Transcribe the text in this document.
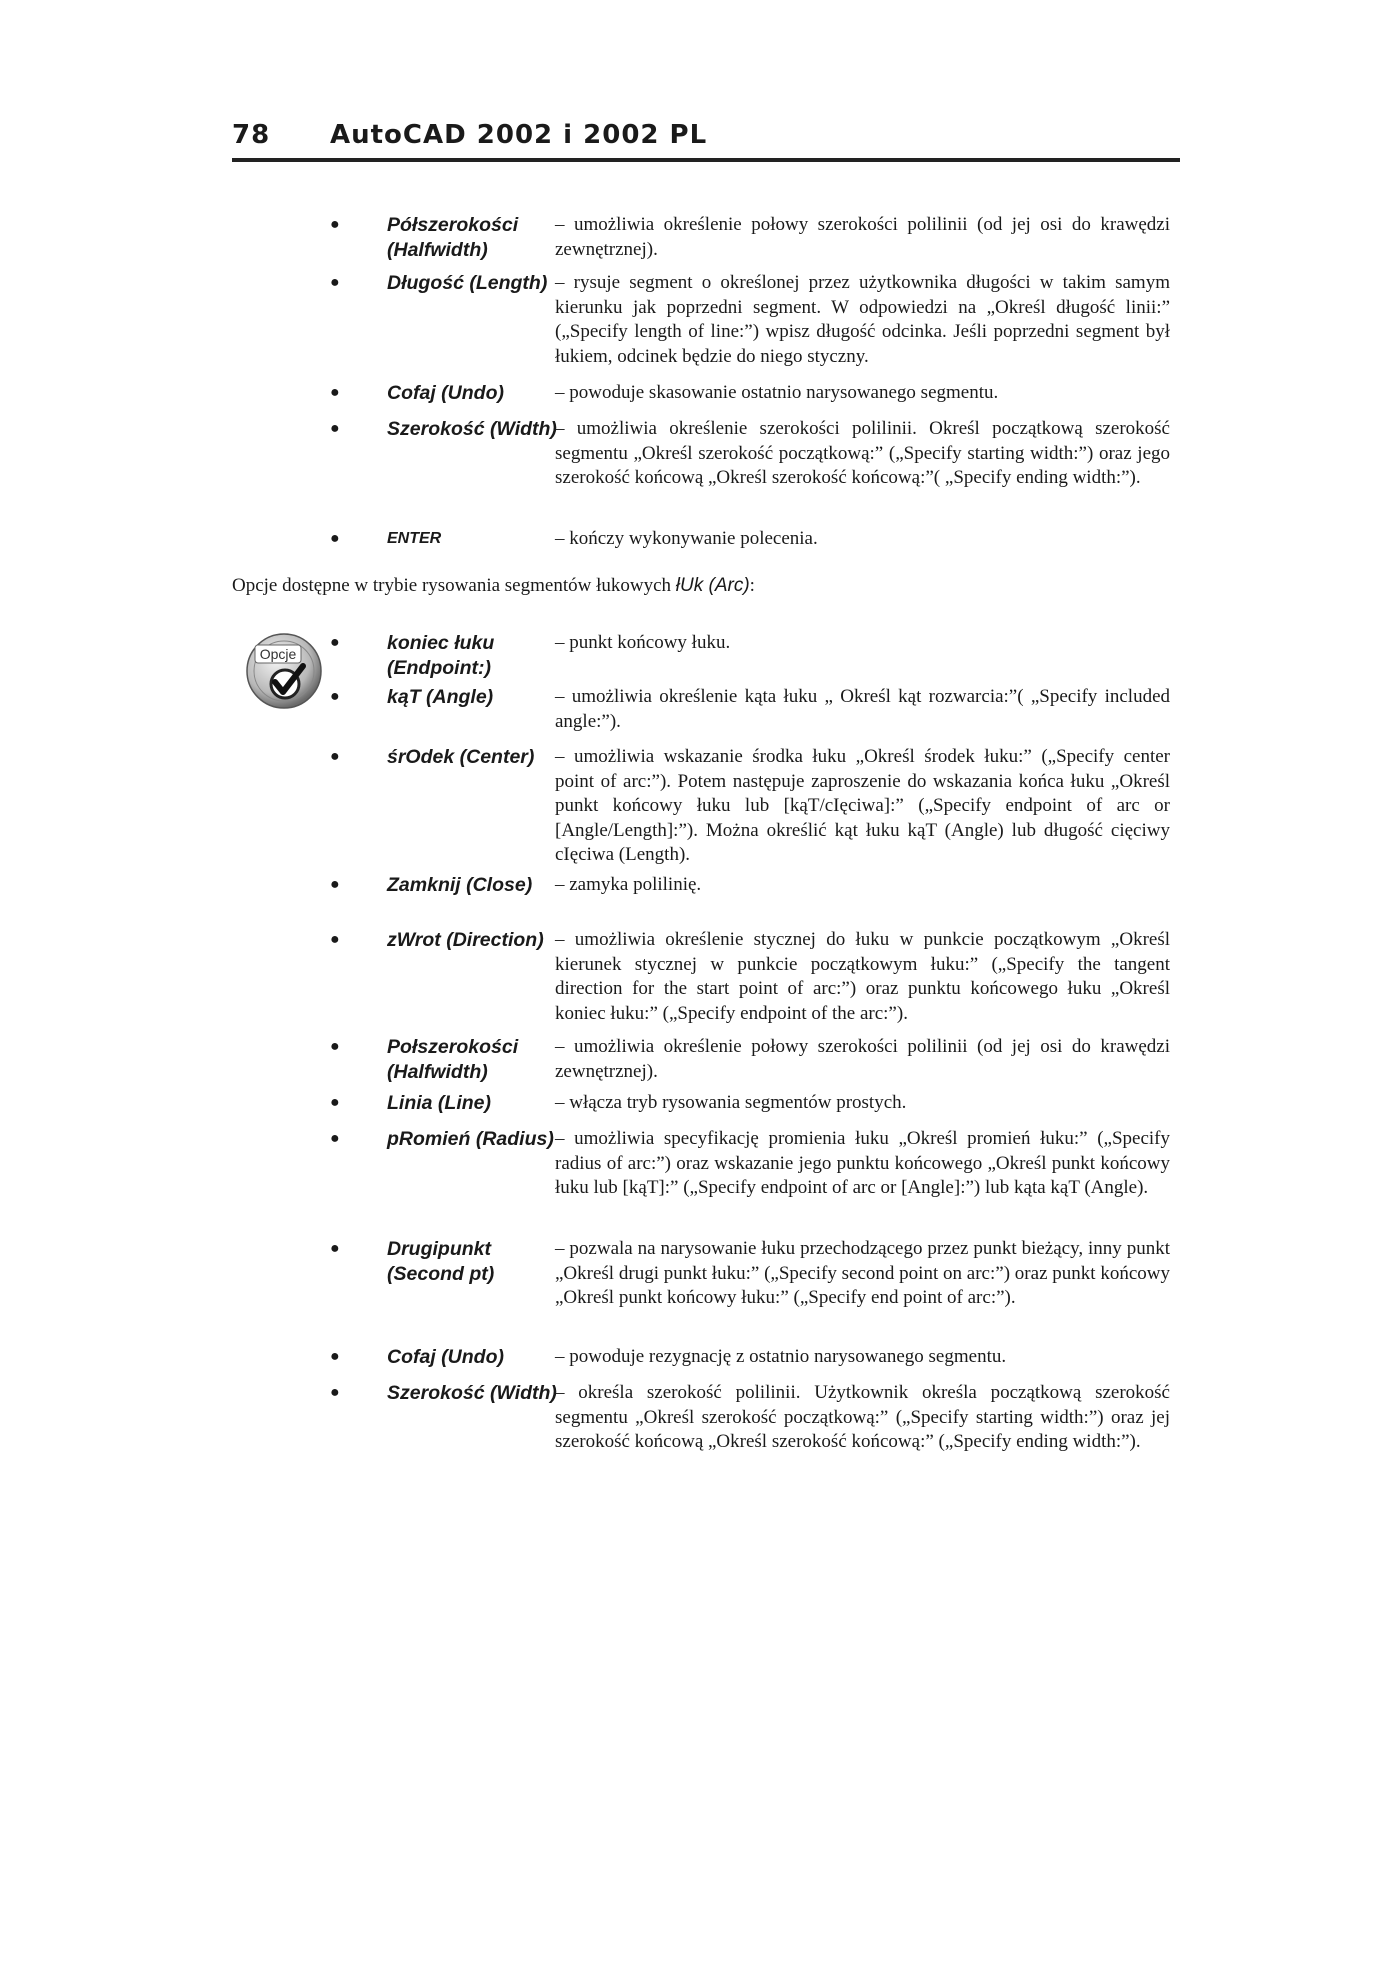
78 AutoCAD 2002 i 2002 PL
● Półszerokości (Halfwidth)
– umożliwia określenie połowy szerokości polilinii (od jej osi do krawędzi zewnętrznej).
● Długość (Length) – rysuje segment o określonej przez użytkownika długości w takim samym kierunku jak poprzedni segment. W odpowiedzi na „Określ długość linii:” („Specify length of line:”) wpisz długość odcinka. Jeśli poprzedni segment był łukiem, odcinek będzie do niego styczny.
● Cofaj (Undo)	– powoduje skasowanie ostatnio narysowanego segmentu.
● Szerokość (Width)
– umożliwia określenie szerokości polilinii. Określ początkową szerokość segmentu „Określ szerokość początkową:” („Specify starting width:”) oraz jego szerokość końcową „Określ szerokość końcową:”( „Specify ending width:”).
●	ENTER	– kończy wykonywanie polecenia.
Opcje dostępne w trybie rysowania segmentów łukowych łUk (Arc):
Opcje
● koniec łuku (Endpoint:)
– punkt końcowy łuku.
● kąT (Angle)	– umożliwia określenie kąta łuku „ Określ kąt rozwarcia:”( „Specify included angle:”).
● śrOdek (Center)	– umożliwia wskazanie środka łuku „Określ środek łuku:” („Specify center point of arc:”). Potem następuje zaproszenie do wskazania końca łuku „Określ punkt końcowy łuku lub [kąT/cIęciwa]:” („Specify endpoint of arc or [Angle/Length]:”). Można określić kąt łuku kąT (Angle) lub długość cięciwy cIęciwa (Length).
● Zamknij (Close)	– zamyka polilinię.
● zWrot (Direction) – umożliwia określenie stycznej do łuku w punkcie początkowym „Określ kierunek stycznej w punkcie początkowym łuku:” („Specify the tangent direction for the start point of arc:”) oraz punktu końcowego łuku „Określ koniec łuku:” („Specify endpoint of the arc:”).
● Połszerokości (Halfwidth)
– umożliwia określenie połowy szerokości polilinii (od jej osi do krawędzi zewnętrznej).
● Linia (Line)	– włącza tryb rysowania segmentów prostych.
● pRomień (Radius) – umożliwia specyfikację promienia łuku „Określ promień łuku:” („Specify radius of arc:”) oraz wskazanie jego punktu końcowego „Określ punkt końcowy łuku lub [kąT]:” („Specify endpoint of arc or [Angle]:”) lub kąta kąT (Angle).
● Drugipunkt (Second pt)
– pozwala na narysowanie łuku przechodzącego przez punkt bieżący, inny punkt „Określ drugi punkt łuku:” („Specify second point on arc:”) oraz punkt końcowy „Określ punkt końcowy łuku:” („Specify end point of arc:”).
● Cofaj (Undo)	– powoduje rezygnację z ostatnio narysowanego segmentu.
● Szerokość (Width)
– określa szerokość polilinii. Użytkownik określa początkową szerokość segmentu „Określ szerokość początkową:” („Specify starting width:”) oraz jej szerokość końcową „Określ szerokość końcową:” („Specify ending width:”).
